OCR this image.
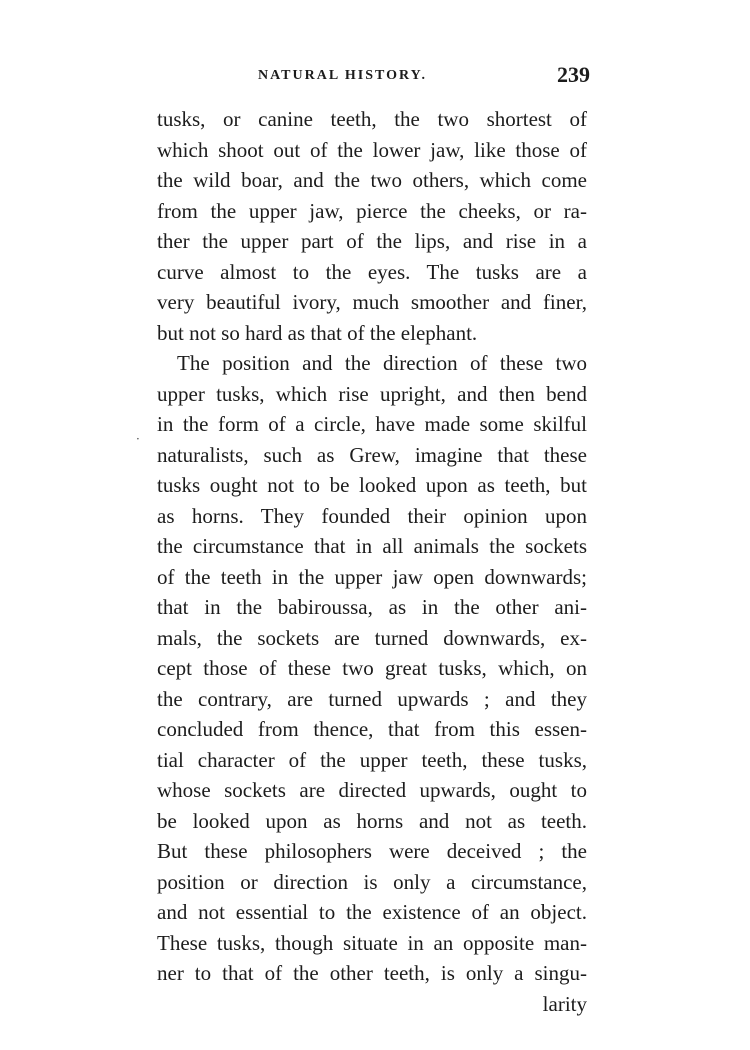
NATURAL HISTORY.	239
·
tusks, or canine teeth, the two shortest of
which shoot out of the lower jaw, like those of
the wild boar, and the two others, which come
from the upper jaw, pierce the cheeks, or ra-
ther the upper part of the lips, and rise in a
curve almost to the eyes. The tusks are a
very beautiful ivory, much smoother and finer,
but not so hard as that of the elephant.
The position and the direction of these two
upper tusks, which rise upright, and then bend
in the form of a circle, have made some skilful
naturalists, such as Grew, imagine that these
tusks ought not to be looked upon as teeth, but
as horns. They founded their opinion upon
the circumstance that in all animals the sockets
of the teeth in the upper jaw open downwards;
that in the babiroussa, as in the other ani-
mals, the sockets are turned downwards, ex-
cept those of these two great tusks, which, on
the contrary, are turned upwards ; and they
concluded from thence, that from this essen-
tial character of the upper teeth, these tusks,
whose sockets are directed upwards, ought to
be looked upon as horns and not as teeth.
But these philosophers were deceived ; the
position or direction is only a circumstance,
and not essential to the existence of an object.
These tusks, though situate in an opposite man-
ner to that of the other teeth, is only a singu-
larity
